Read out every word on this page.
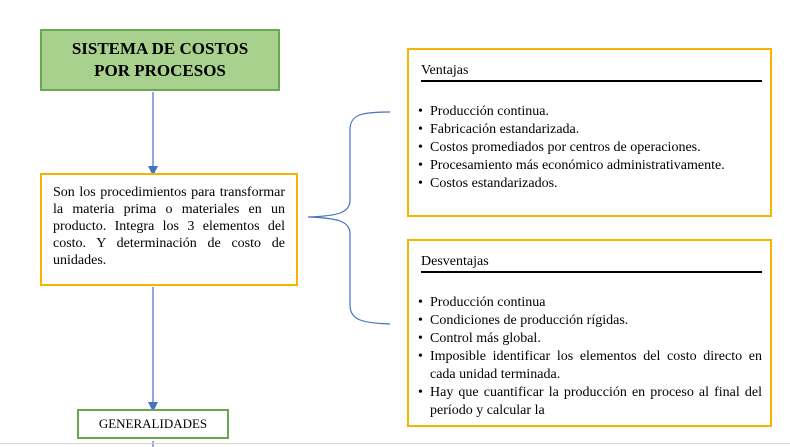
SISTEMA DE COSTOS
POR PROCESOS
Son los procedimientos para transformar la materia prima o materiales en un producto. Integra los 3 elementos del costo. Y determinación de costo de unidades.
GENERALIDADES
Ventajas
• Producción continua.
• Fabricación estandarizada.
• Costos promediados por centros de operaciones.
• Procesamiento más económico administrativamente.
• Costos estandarizados.
Desventajas
• Producción continua
• Condiciones de producción rígidas.
• Control más global.
• Imposible identificar los elementos del costo directo en cada unidad terminada.
• Hay que cuantificar la producción en proceso al final del período y calcular la
